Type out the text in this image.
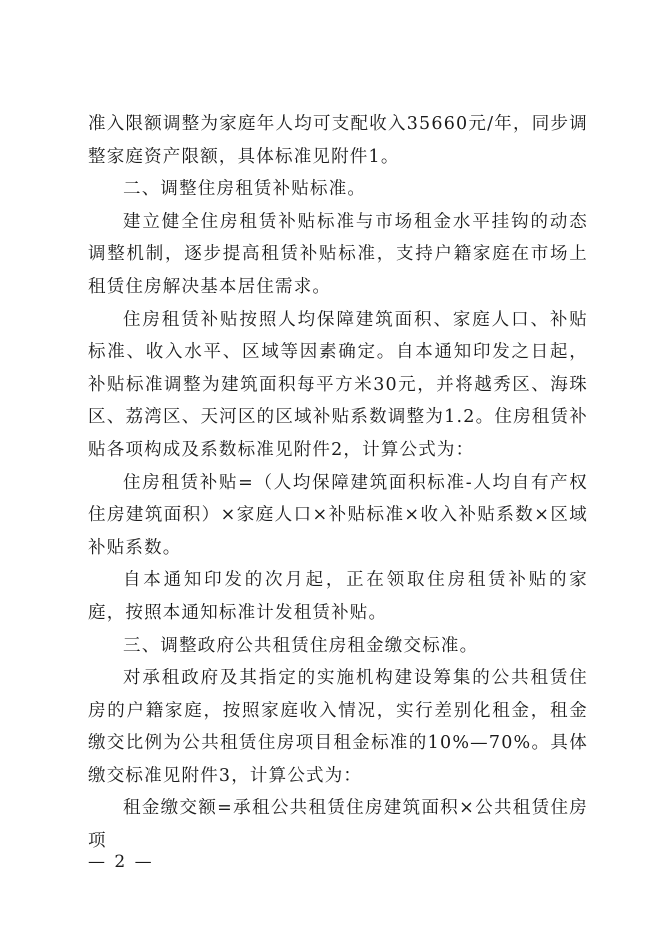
准入限额调整为家庭年人均可支配收入35660元/年，同步调整家庭资产限额，具体标准见附件1。

二、调整住房租赁补贴标准。

建立健全住房租赁补贴标准与市场租金水平挂钩的动态调整机制，逐步提高租赁补贴标准，支持户籍家庭在市场上租赁住房解决基本居住需求。

住房租赁补贴按照人均保障建筑面积、家庭人口、补贴标准、收入水平、区域等因素确定。自本通知印发之日起，补贴标准调整为建筑面积每平方米30元，并将越秀区、海珠区、荔湾区、天河区的区域补贴系数调整为1.2。住房租赁补贴各项构成及系数标准见附件2，计算公式为：

住房租赁补贴=（人均保障建筑面积标准-人均自有产权住房建筑面积）×家庭人口×补贴标准×收入补贴系数×区域补贴系数。

自本通知印发的次月起，正在领取住房租赁补贴的家庭，按照本通知标准计发租赁补贴。

三、调整政府公共租赁住房租金缴交标准。

对承租政府及其指定的实施机构建设筹集的公共租赁住房的户籍家庭，按照家庭收入情况，实行差别化租金，租金缴交比例为公共租赁住房项目租金标准的10%—70%。具体缴交标准见附件3，计算公式为：

租金缴交额=承租公共租赁住房建筑面积×公共租赁住房项

— 2 —
